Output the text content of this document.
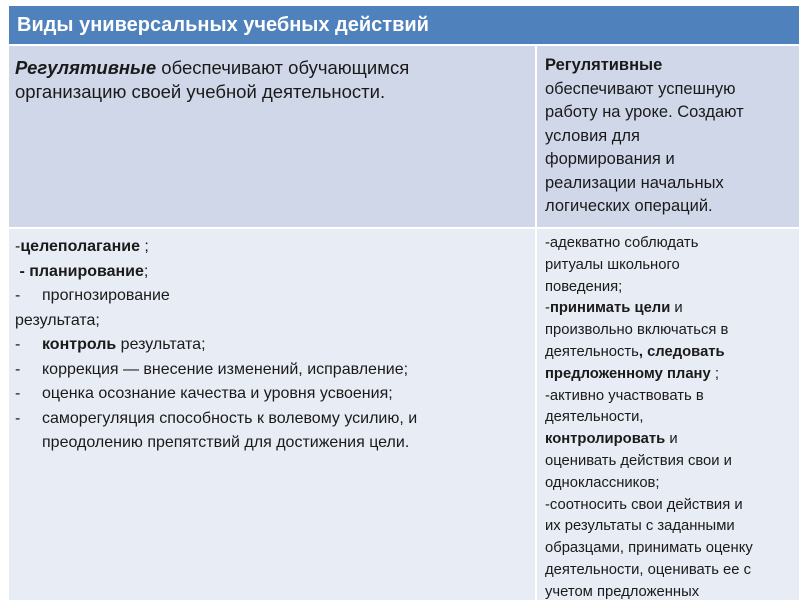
Виды универсальных учебных действий
Регулятивные обеспечивают обучающимся
организацию своей учебной деятельности.
Регулятивные
обеспечивают успешную
работу на уроке. Создают
условия для
формирования и
реализации начальных
логических операций.
-целеполагание ;
- планирование;
- прогнозирование
результата;
- контроль результата;
- коррекция — внесение изменений, исправление;
- оценка осознание качества и уровня усвоения;
- саморегуляция способность к волевому усилию, и
преодолению препятствий для достижения цели.
-адекватно соблюдать
ритуалы школьного
поведения;
-принимать цели и
произвольно включаться в
деятельность, следовать
предложенному плану ;
-активно участвовать в
деятельности,
контролировать и
оценивать действия свои и
одноклассников;
-соотносить свои действия и
их результаты с заданными
образцами, принимать оценку
деятельности, оценивать ее с
учетом предложенных
